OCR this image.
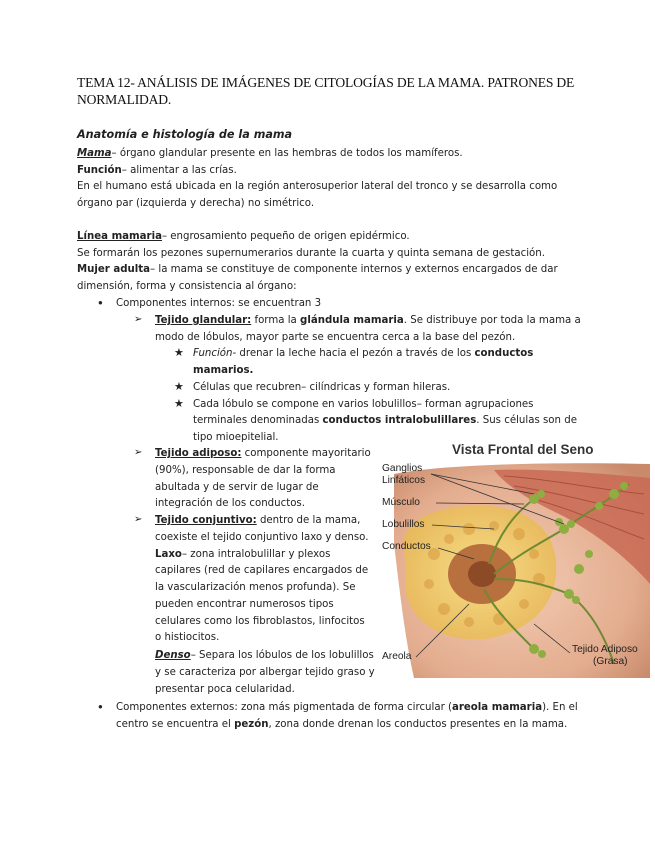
TEMA 12- ANÁLISIS DE IMÁGENES DE CITOLOGÍAS DE LA MAMA. PATRONES DE
NORMALIDAD.
Anatomía e histología de la mama
Mama– órgano glandular presente en las hembras de todos los mamíferos.
Función– alimentar a las crías.
En el humano está ubicada en la región anterosuperior lateral del tronco y se desarrolla como
órgano par (izquierda y derecha) no simétrico.
Línea mamaria– engrosamiento pequeño de origen epidérmico.
Se formarán los pezones supernumerarios durante la cuarta y quinta semana de gestación.
Mujer adulta– la mama se constituye de componente internos y externos encargados de dar
dimensión, forma y consistencia al órgano:
● Componentes internos: se encuentran 3
➢ Tejido glandular: forma la glándula mamaria. Se distribuye por toda la mama a
modo de lóbulos, mayor parte se encuentra cerca a la base del pezón.
★ Función- drenar la leche hacia el pezón a través de los conductos
mamarios.
★ Células que recubren– cilíndricas y forman hileras.
★ Cada lóbulo se compone en varios lobulillos– forman agrupaciones
terminales denominadas conductos intralobulillares. Sus células son de
tipo mioepitelial.
➢ Tejido adiposo: componente mayoritario
(90%), responsable de dar la forma
abultada y de servir de lugar de
integración de los conductos.
➢ Tejido conjuntivo: dentro de la mama,
coexiste el tejido conjuntivo laxo y denso.
Laxo– zona intralobulillar y plexos
capilares (red de capilares encargados de
la vascularización menos profunda). Se
pueden encontrar numerosos tipos
celulares como los fibroblastos, linfocitos
o histiocitos.
Denso– Separa los lóbulos de los lobulillos
y se caracteriza por albergar tejido graso y
presentar poca celularidad.
● Componentes externos: zona más pigmentada de forma circular (areola mamaria). En el
centro se encuentra el pezón, zona donde drenan los conductos presentes en la mama.
Vista Frontal del Seno
Ganglios
Linfáticos
Músculo
Lobulillos
Conductos
Areola
Tejido Adiposo
(Grasa)
